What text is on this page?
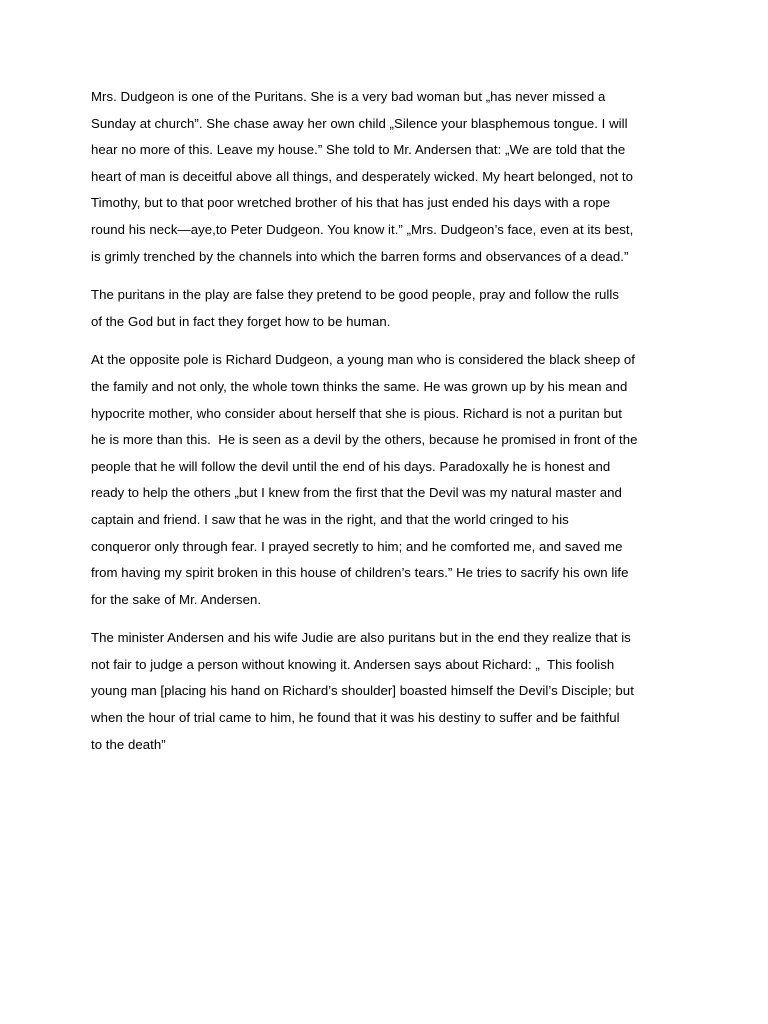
Mrs. Dudgeon is one of the Puritans. She is a very bad woman but „has never missed a
Sunday at church”. She chase away her own child „Silence your blasphemous tongue. I will
hear no more of this. Leave my house.” She told to Mr. Andersen that: „We are told that the
heart of man is deceitful above all things, and desperately wicked. My heart belonged, not to
Timothy, but to that poor wretched brother of his that has just ended his days with a rope
round his neck—aye,to Peter Dudgeon. You know it.” „Mrs. Dudgeon’s face, even at its best,
is grimly trenched by the channels into which the barren forms and observances of a dead.”

The puritans in the play are false they pretend to be good people, pray and follow the rulls
of the God but in fact they forget how to be human.

At the opposite pole is Richard Dudgeon, a young man who is considered the black sheep of
the family and not only, the whole town thinks the same. He was grown up by his mean and
hypocrite mother, who consider about herself that she is pious. Richard is not a puritan but
he is more than this.  He is seen as a devil by the others, because he promised in front of the
people that he will follow the devil until the end of his days. Paradoxally he is honest and
ready to help the others „but I knew from the first that the Devil was my natural master and
captain and friend. I saw that he was in the right, and that the world cringed to his
conqueror only through fear. I prayed secretly to him; and he comforted me, and saved me
from having my spirit broken in this house of children’s tears.” He tries to sacrify his own life
for the sake of Mr. Andersen.

The minister Andersen and his wife Judie are also puritans but in the end they realize that is
not fair to judge a person without knowing it. Andersen says about Richard: „  This foolish
young man [placing his hand on Richard’s shoulder] boasted himself the Devil’s Disciple; but
when the hour of trial came to him, he found that it was his destiny to suffer and be faithful
to the death”
